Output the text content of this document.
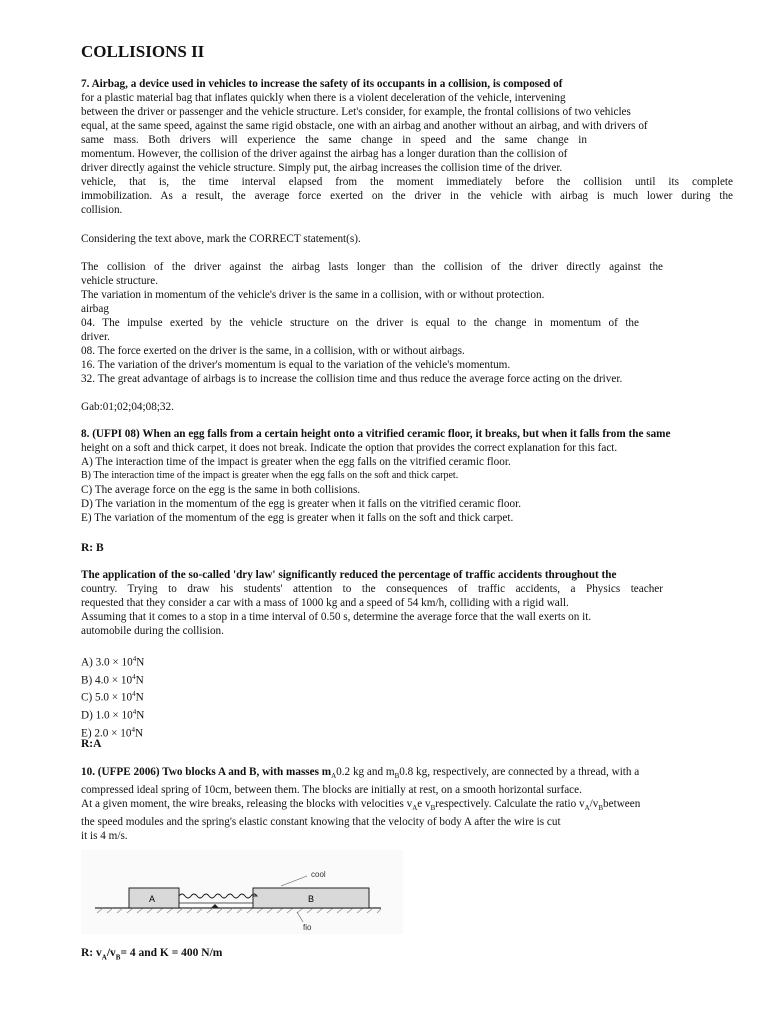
COLLISIONS II

7. Airbag, a device used in vehicles to increase the safety of its occupants in a collision, is composed of

for a plastic material bag that inflates quickly when there is a violent deceleration of the vehicle, intervening

between the driver or passenger and the vehicle structure. Let's consider, for example, the frontal collisions of two vehicles

equal, at the same speed, against the same rigid obstacle, one with an airbag and another without an airbag, and with drivers of

same mass. Both drivers will experience the same change in speed and the same change in

momentum. However, the collision of the driver against the airbag has a longer duration than the collision of

driver directly against the vehicle structure. Simply put, the airbag increases the collision time of the driver.

vehicle, that is, the time interval elapsed from the moment immediately before the collision until its complete

immobilization. As a result, the average force exerted on the driver in the vehicle with airbag is much lower during the

collision.

Considering the text above, mark the CORRECT statement(s).

The collision of the driver against the airbag lasts longer than the collision of the driver directly against the

vehicle structure.

The variation in momentum of the vehicle's driver is the same in a collision, with or without protection.

airbag

04. The impulse exerted by the vehicle structure on the driver is equal to the change in momentum of the

driver.

08. The force exerted on the driver is the same, in a collision, with or without airbags.

16. The variation of the driver's momentum is equal to the variation of the vehicle's momentum.

32. The great advantage of airbags is to increase the collision time and thus reduce the average force acting on the driver.

Gab:01;02;04;08;32.

8. (UFPI 08) When an egg falls from a certain height onto a vitrified ceramic floor, it breaks, but when it falls from the same

height on a soft and thick carpet, it does not break. Indicate the option that provides the correct explanation for this fact.

A) The interaction time of the impact is greater when the egg falls on the vitrified ceramic floor.

B) The interaction time of the impact is greater when the egg falls on the soft and thick carpet.

C) The average force on the egg is the same in both collisions.

D) The variation in the momentum of the egg is greater when it falls on the vitrified ceramic floor.

E) The variation of the momentum of the egg is greater when it falls on the soft and thick carpet.

R: B

The application of the so-called 'dry law' significantly reduced the percentage of traffic accidents throughout the

country. Trying to draw his students' attention to the consequences of traffic accidents, a Physics teacher

requested that they consider a car with a mass of 1000 kg and a speed of 54 km/h, colliding with a rigid wall.

Assuming that it comes to a stop in a time interval of 0.50 s, determine the average force that the wall exerts on it.

automobile during the collision.

A) $3.0 \times 10^4N$

B) $4.0 \times 10^4N$

C) $5.0 \times 10^4N$

D) $1.0 \times 10^4N$

E) $2.0 \times 10^4N$

R:A

10. (UFPE 2006) Two blocks A and B, with masses $m_A0.2$ kg and $m_B0.8$ kg, respectively, are connected by a thread, with a

compressed ideal spring of 10cm, between them. The blocks are initially at rest, on a smooth horizontal surface.

At a given moment, the wire breaks, releasing the blocks with velocities $v_Ae$ $v_Brespectively$. Calculate the ratio $v_A/v_Bbetween$

the speed modules and the spring's elastic constant knowing that the velocity of body A after the wire is cut

it is 4 m/s.

A	B
cool
fio

R: $v_A/v_B= 4$ and K = 400 N/m
